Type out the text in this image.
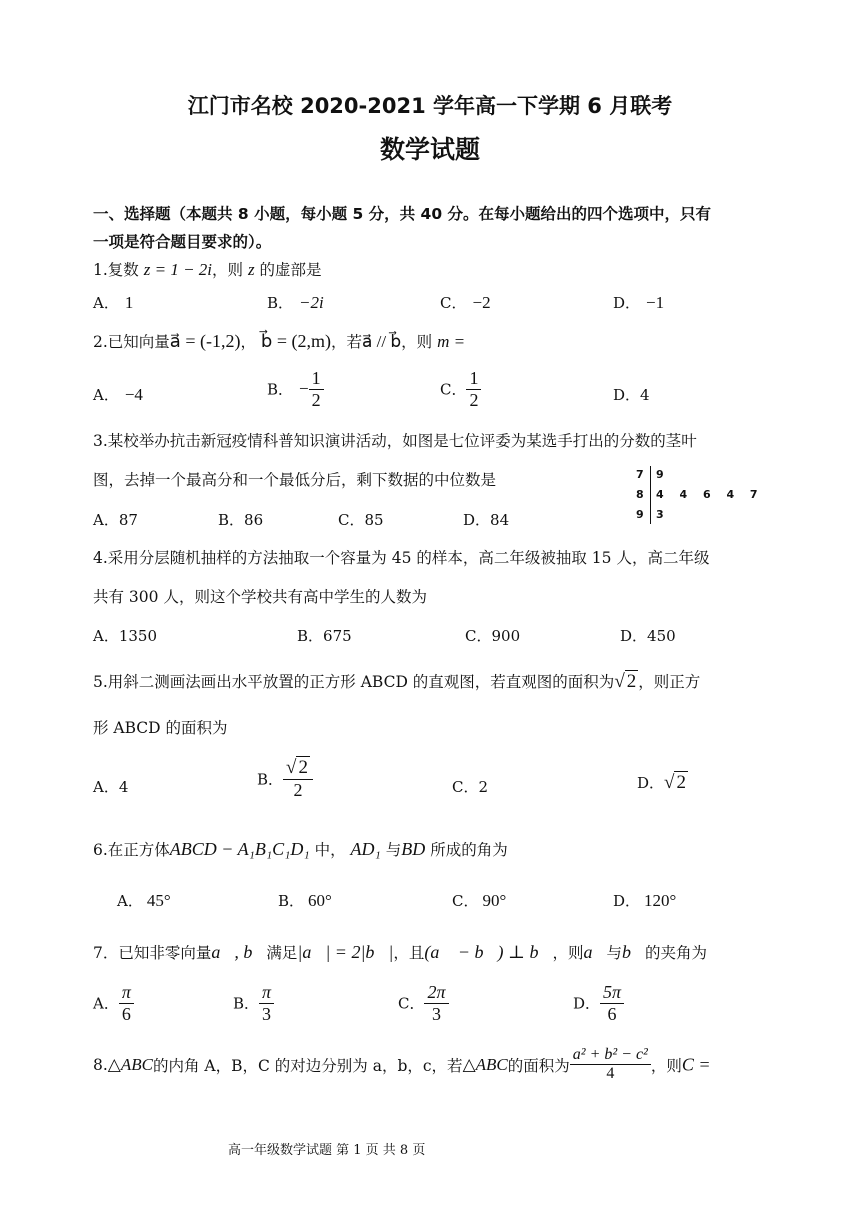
江门市名校 2020-2021 学年高一下学期 6 月联考
数学试题
一、选择题（本题共 8 小题，每小题 5 分，共 40 分。在每小题给出的四个选项中，只有
一项是符合题目要求的）。
1.复数 z = 1 − 2i，则 z 的虚部是
A． 1	B． −2i	C． −2	D． −1
2.已知向量a⃗ = (-1,2)， b⃗ = (2,m)，若a⃗ // b⃗，则 m =
A． −4	B． − $\frac{1}{2}$	C． $\frac{1}{2}$	D．4
3.某校举办抗击新冠疫情科普知识演讲活动，如图是七位评委为某选手打出的分数的茎叶
图，去掉一个最高分和一个最低分后，剩下数据的中位数是
A．87	B．86	C．85	D．84
7 9
8 4 4 6 4 7
9 3
4.采用分层随机抽样的方法抽取一个容量为 45 的样本，高二年级被抽取 15 人，高二年级
共有 300 人，则这个学校共有高中学生的人数为
A．1350	B．675	C．900	D．450
5.用斜二测画法画出水平放置的正方形 ABCD 的直观图，若直观图的面积为√ 2 ，则正方
形 ABCD 的面积为
A．4	B． $\frac{√ 2}{2}$	C．2	D．√ 2
6.在正方体ABCD − A₁B₁C₁D₁ 中， AD₁ 与BD 所成的角为
A． 45°	B． 60°	C． 90°	D． 120°
7．已知非零向量a⃗, b⃗满足|a⃗| = 2|b⃗|，且(a⃗ − b⃗) ⊥ b⃗，则a⃗与b⃗的夹角为
A． $\frac{\pi}{6}$	B． $\frac{\pi}{3}$	C． $\frac{2\pi}{3}$	D． $\frac{5\pi}{6}$
8.△ABC的内角 A，B，C 的对边分别为 a，b，c，若△ABC的面积为 $\frac{\text{a² + b² − c²}}{4}$ ，则C =
高一年级数学试题 第 1 页 共 8 页
